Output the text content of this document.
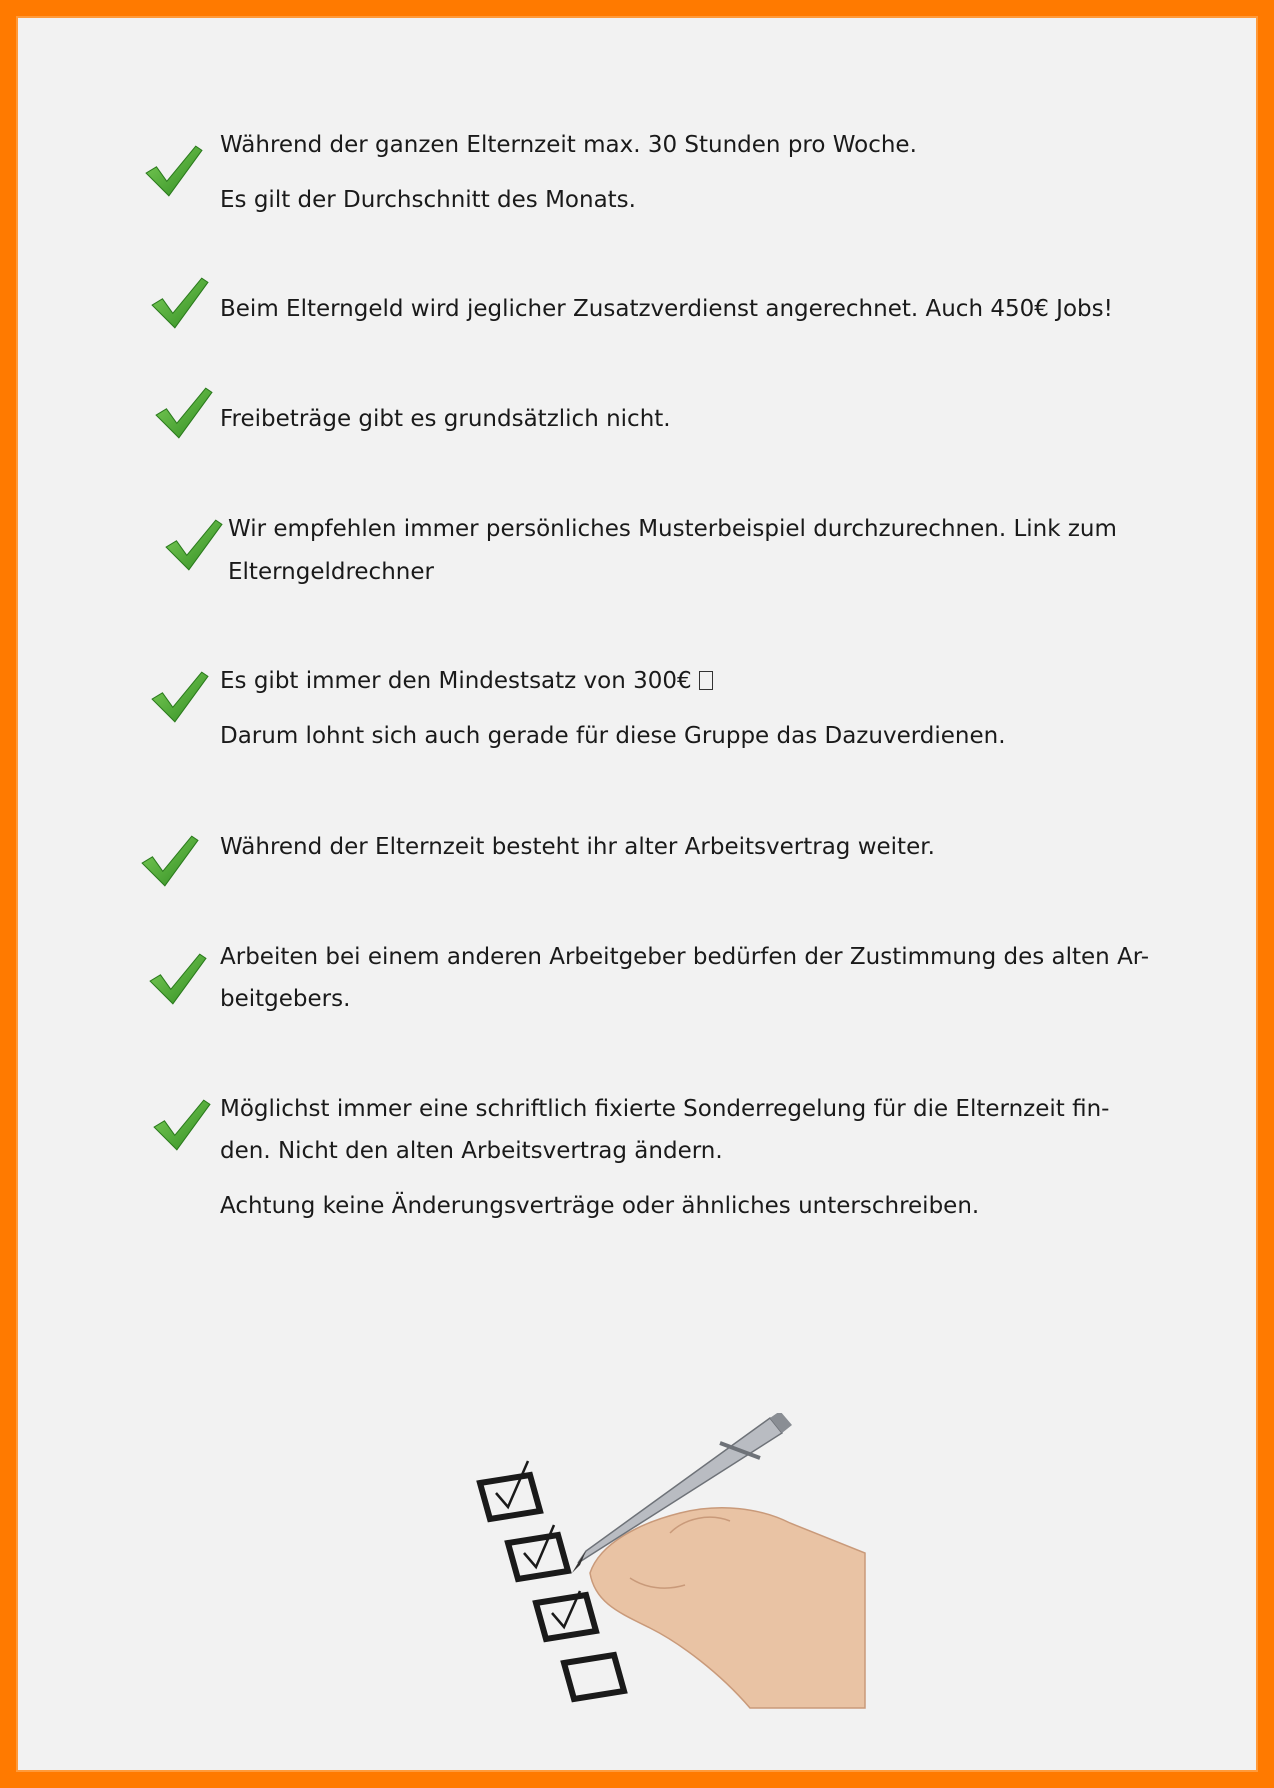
Während der ganzen Elternzeit max. 30 Stunden pro Woche.
Es gilt der Durchschnitt des Monats.
Beim Elterngeld wird jeglicher Zusatzverdienst angerechnet. Auch 450€ Jobs!
Freibeträge gibt es grundsätzlich nicht.
Wir empfehlen immer persönliches Musterbeispiel durchzurechnen. Link zum
Elterngeldrechner
Es gibt immer den Mindestsatz von 300€
Darum lohnt sich auch gerade für diese Gruppe das Dazuverdienen.
Während der Elternzeit besteht ihr alter Arbeitsvertrag weiter.
Arbeiten bei einem anderen Arbeitgeber bedürfen der Zustimmung des alten Ar-
beitgebers.
Möglichst immer eine schriftlich fixierte Sonderregelung für die Elternzeit fin-
den. Nicht den alten Arbeitsvertrag ändern.
Achtung keine Änderungsverträge oder ähnliches unterschreiben.
